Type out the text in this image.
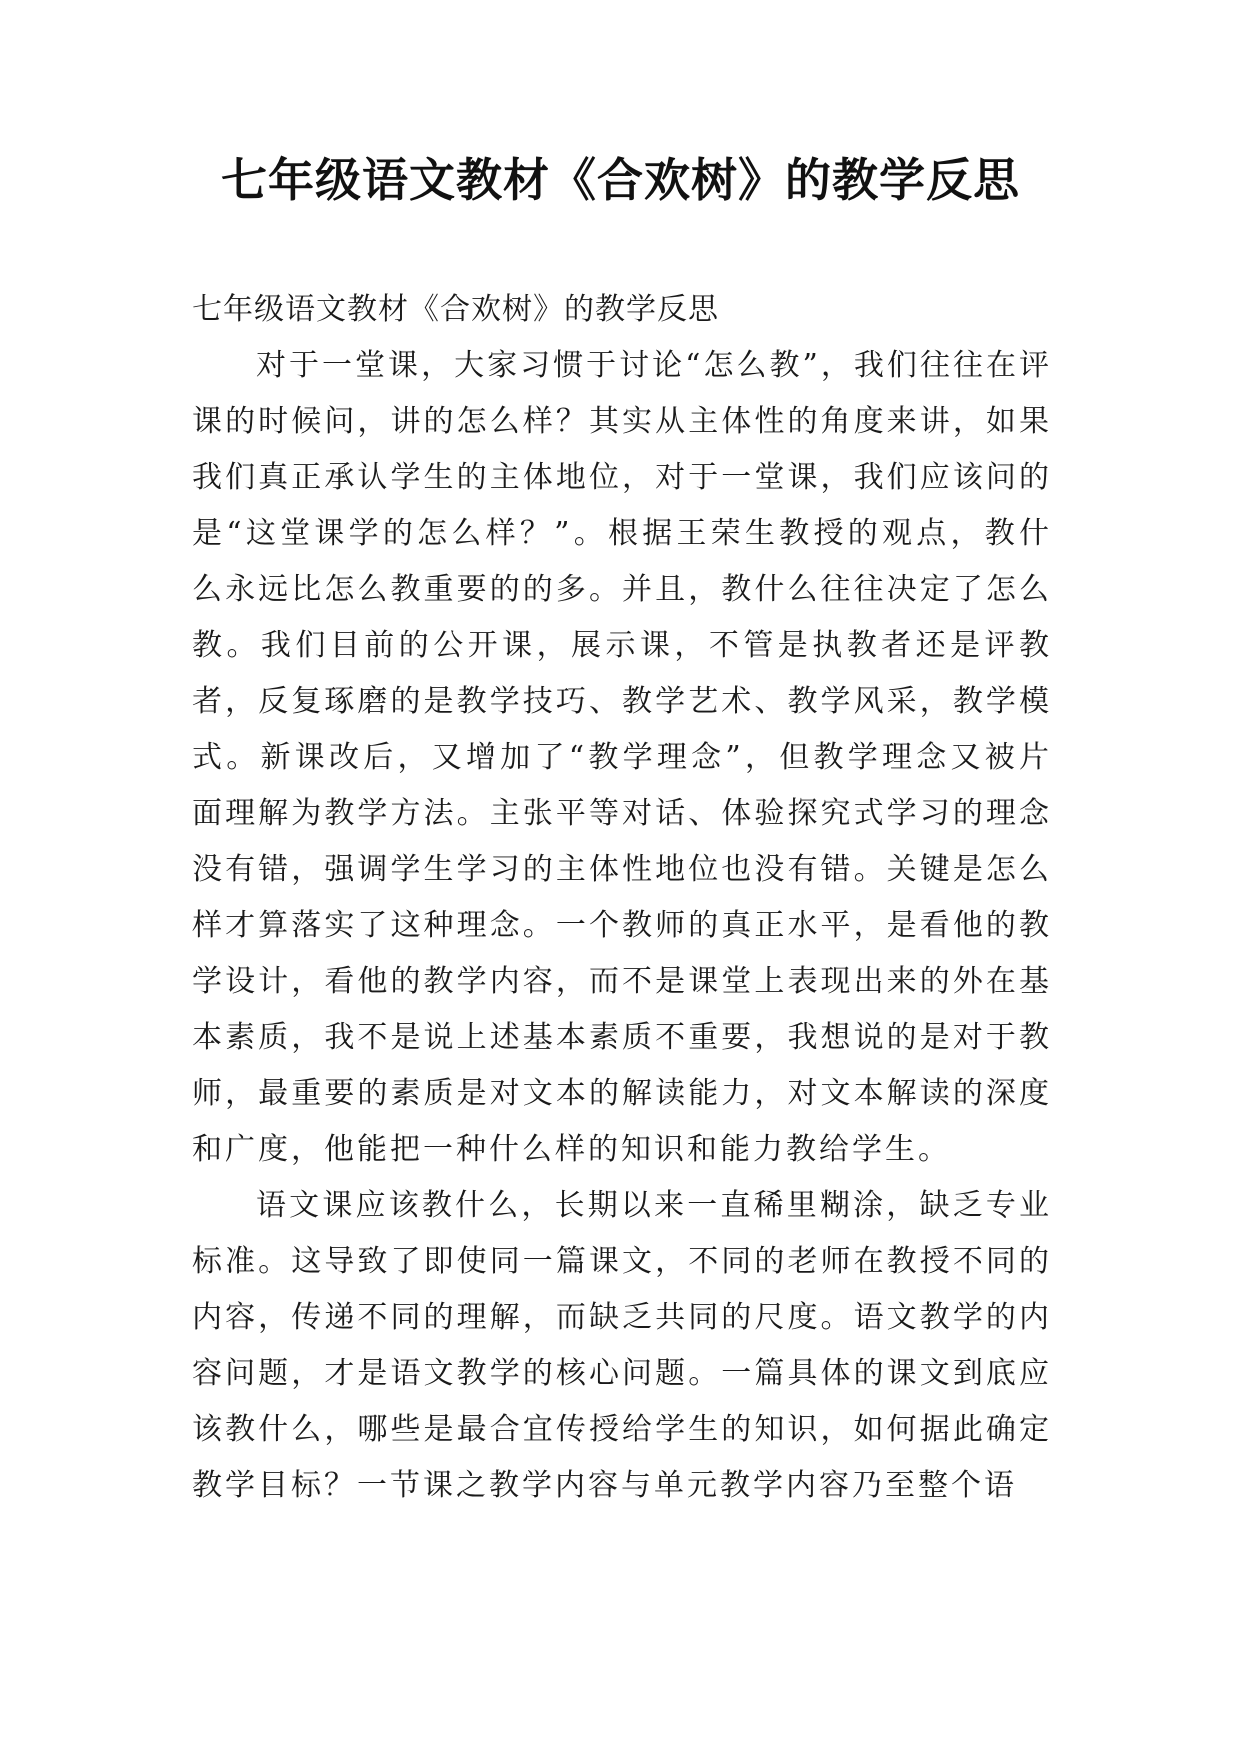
七年级语文教材《合欢树》的教学反思

七年级语文教材《合欢树》的教学反思

对于一堂课，大家习惯于讨论“怎么教”，我们往往在评课的时候问，讲的怎么样？其实从主体性的角度来讲，如果我们真正承认学生的主体地位，对于一堂课，我们应该问的是“这堂课学的怎么样？”。根据王荣生教授的观点，教什么永远比怎么教重要的的多。并且，教什么往往决定了怎么教。我们目前的公开课，展示课，不管是执教者还是评教者，反复琢磨的是教学技巧、教学艺术、教学风采，教学模式。新课改后，又增加了“教学理念”，但教学理念又被片面理解为教学方法。主张平等对话、体验探究式学习的理念没有错，强调学生学习的主体性地位也没有错。关键是怎么样才算落实了这种理念。一个教师的真正水平，是看他的教学设计，看他的教学内容，而不是课堂上表现出来的外在基本素质，我不是说上述基本素质不重要，我想说的是对于教师，最重要的素质是对文本的解读能力，对文本解读的深度和广度，他能把一种什么样的知识和能力教给学生。

语文课应该教什么，长期以来一直稀里糊涂，缺乏专业标准。这导致了即使同一篇课文，不同的老师在教授不同的内容，传递不同的理解，而缺乏共同的尺度。语文教学的内容问题，才是语文教学的核心问题。一篇具体的课文到底应该教什么，哪些是最合宜传授给学生的知识，如何据此确定教学目标？一节课之教学内容与单元教学内容乃至整个语
